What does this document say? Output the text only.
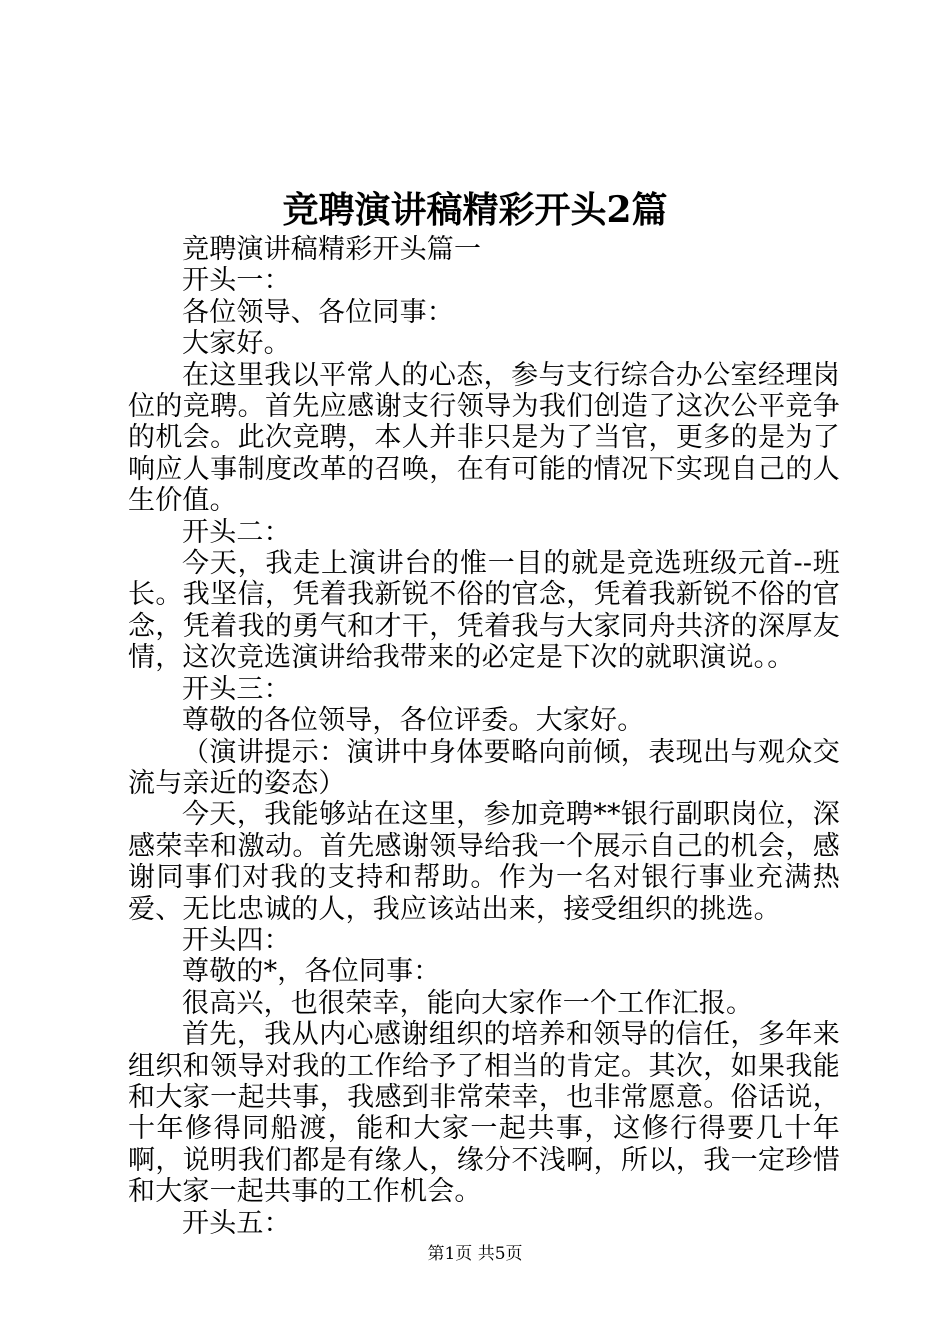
竞聘演讲稿精彩开头2篇

竞聘演讲稿精彩开头篇一

开头一：

各位领导、各位同事：

大家好。

在这里我以平常人的心态，参与支行综合办公室经理岗位的竞聘。首先应感谢支行领导为我们创造了这次公平竞争的机会。此次竞聘，本人并非只是为了当官，更多的是为了响应人事制度改革的召唤，在有可能的情况下实现自己的人生价值。

开头二：

今天，我走上演讲台的惟一目的就是竞选班级元首--班长。我坚信，凭着我新锐不俗的官念，凭着我新锐不俗的官念，凭着我的勇气和才干，凭着我与大家同舟共济的深厚友情，这次竞选演讲给我带来的必定是下次的就职演说。。

开头三：

尊敬的各位领导，各位评委。大家好。

（演讲提示：演讲中身体要略向前倾，表现出与观众交流与亲近的姿态）

今天，我能够站在这里，参加竞聘**银行副职岗位，深感荣幸和激动。首先感谢领导给我一个展示自己的机会，感谢同事们对我的支持和帮助。作为一名对银行事业充满热爱、无比忠诚的人，我应该站出来，接受组织的挑选。

开头四：

尊敬的*，各位同事：

很高兴，也很荣幸，能向大家作一个工作汇报。

首先，我从内心感谢组织的培养和领导的信任，多年来组织和领导对我的工作给予了相当的肯定。其次，如果我能和大家一起共事，我感到非常荣幸，也非常愿意。俗话说，十年修得同船渡，能和大家一起共事，这修行得要几十年啊，说明我们都是有缘人，缘分不浅啊，所以，我一定珍惜和大家一起共事的工作机会。

开头五：

第1页 共5页
